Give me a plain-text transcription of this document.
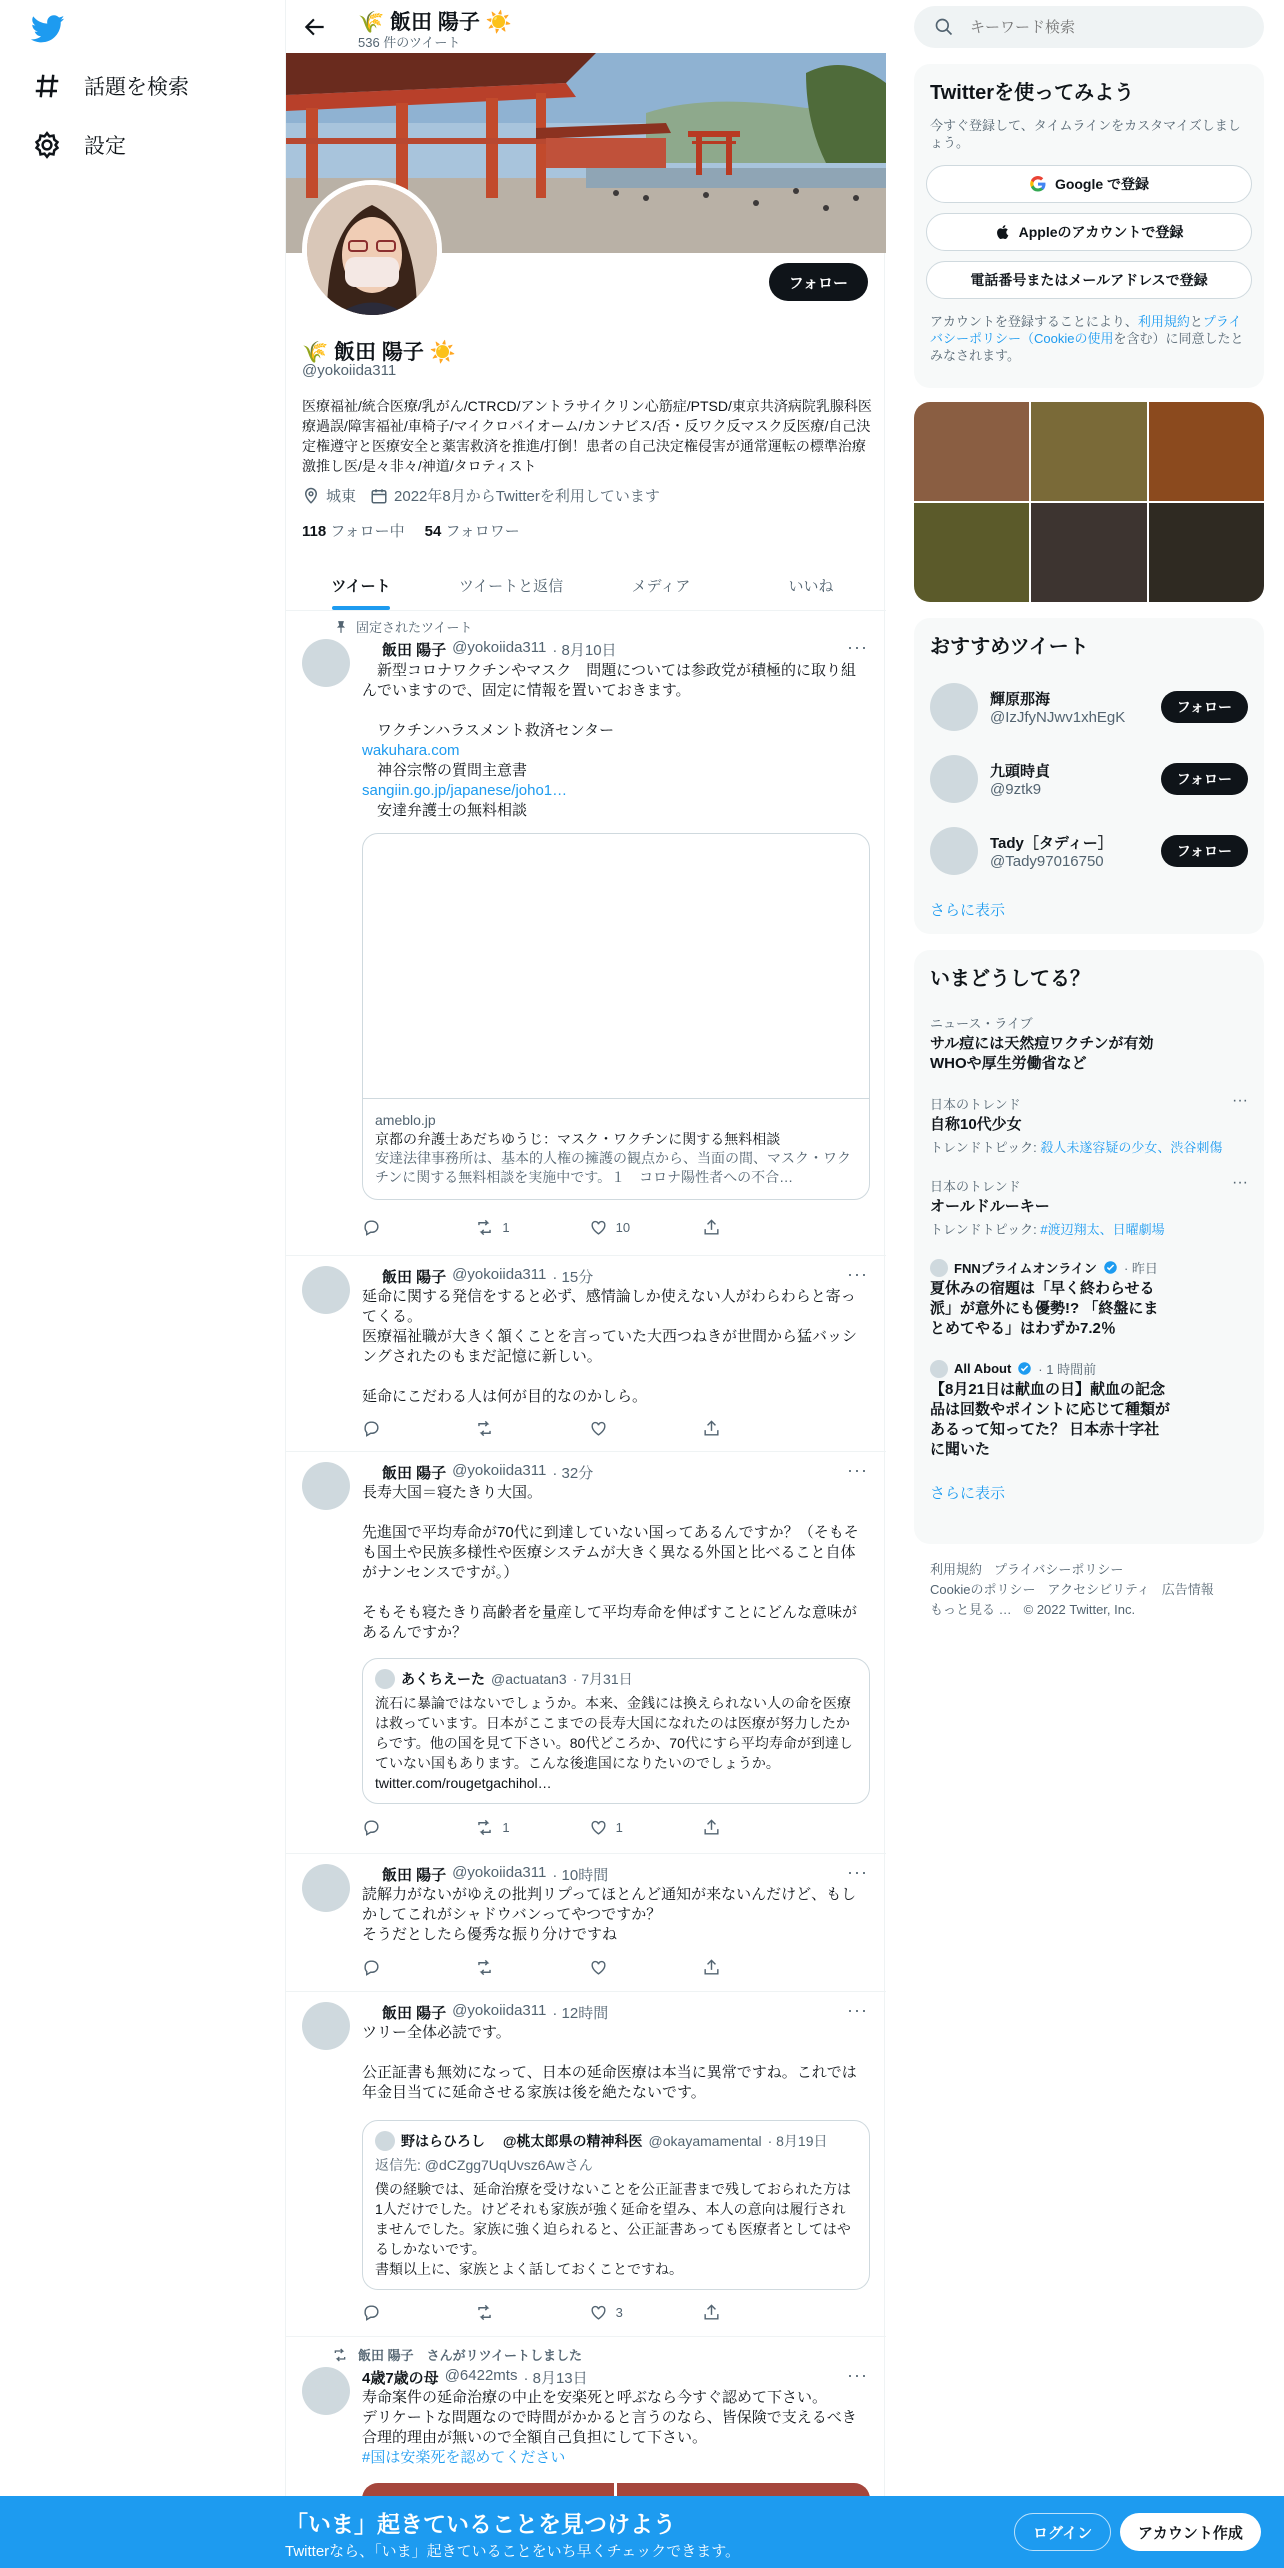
話題を検索
設定
🌾 飯田 陽子 ☀️
536 件のツイート
フォロー
🌾 飯田 陽子 ☀️
@yokoiida311
医療福祉/統合医療/乳がん/CTRCD/アントラサイクリン心筋症/PTSD/東京共済病院乳腺科医療過誤/障害福祉/車椅子/マイクロバイオーム/カンナビス/否・反ワク反マスク反医療/自己決定権遵守と医療安全と薬害救済を推進/打倒！患者の自己決定権侵害が通常運転の標準治療激推し医/是々非々/神道/タロティスト
城東	2022年8月からTwitterを利用しています
118 フォロー中 54 フォロワー
ツイート	ツイートと返信	メディア	いいね
固定されたツイート
飯田 陽子 @yokoiida311 · 8月10日	···
　新型コロナワクチンやマスク　問題については参政党が積極的に取り組んでいますので、固定に情報を置いておきます。

　ワクチンハラスメント救済センター
wakuhara.com
　神谷宗幣の質問主意書
sangiin.go.jp/japanese/joho1…
　安達弁護士の無料相談
ameblo.jp
京都の弁護士あだちゆうじ：マスク・ワクチンに関する無料相談
安達法律事務所は、基本的人権の擁護の観点から、当面の間、マスク・ワクチンに関する無料相談を実施中です。１　コロナ陽性者への不合…
1	10
飯田 陽子 @yokoiida311 · 15分	···
延命に関する発信をすると必ず、感情論しか使えない人がわらわらと寄ってくる。
医療福祉職が大きく頷くことを言っていた大西つねきが世間から猛バッシングされたのもまだ記憶に新しい。

延命にこだわる人は何が目的なのかしら。
飯田 陽子 @yokoiida311 · 32分	···
長寿大国＝寝たきり大国。

先進国で平均寿命が70代に到達していない国ってあるんですか？（そもそも国土や民族多様性や医療システムが大きく異なる外国と比べること自体がナンセンスですが。）

そもそも寝たきり高齢者を量産して平均寿命を伸ばすことにどんな意味があるんですか？
あくちえーた @actuatan3 · 7月31日
流石に暴論ではないでしょうか。本来、金銭には換えられない人の命を医療は救っています。日本がここまでの長寿大国になれたのは医療が努力したからです。他の国を見て下さい。80代どころか、70代にすら平均寿命が到達していない国もあります。こんな後進国になりたいのでしょうか。 twitter.com/rougetgachihol…
1	1
飯田 陽子 @yokoiida311 · 10時間	···
読解力がないがゆえの批判リプってほとんど通知が来ないんだけど、もしかしてこれがシャドウバンってやつですか？
そうだとしたら優秀な振り分けですね
飯田 陽子 @yokoiida311 · 12時間	···
ツリー全体必読です。

公正証書も無効になって、日本の延命医療は本当に異常ですね。これでは年金目当てに延命させる家族は後を絶たないです。
野はらひろし　 @桃太郎県の精神科医 @okayamamental · 8月19日
返信先: @dCZgg7UqUvsz6Awさん
僕の経験では、延命治療を受けないことを公正証書まで残しておられた方は1人だけでした。けどそれも家族が強く延命を望み、本人の意向は履行されませんでした。家族に強く迫られると、公正証書あっても医療者としてはやるしかないです。
書類以上に、家族とよく話しておくことですね。
3
飯田 陽子　さんがリツイートしました
4歳7歳の母 @6422mts · 8月13日	···
寿命案件の延命治療の中止を安楽死と呼ぶなら今すぐ認めて下さい。
デリケートな問題なので時間がかかると言うのなら、皆保険で支えるべき合理的理由が無いので全額自己負担にして下さい。
#国は安楽死を認めてください
キーワード検索
Twitterを使ってみよう
今すぐ登録して、タイムラインをカスタマイズしましょう。
Google で登録
Appleのアカウントで登録
電話番号またはメールアドレスで登録
アカウントを登録することにより、利用規約とプライバシーポリシー（Cookieの使用を含む）に同意したとみなされます。
おすすめツイート
輝原那海
@IzJfyNJwv1xhEgK
フォロー
九頭時貞
@9ztk9
フォロー
Tady［タディー］
@Tady97016750
フォロー
さらに表示
いまどうしてる？
ニュース・ライブ
サル痘には天然痘ワクチンが有効　WHOや厚生労働省など
···
日本のトレンド
自称10代少女
トレンドトピック: 殺人未遂容疑の少女、渋谷刺傷
···
日本のトレンド
オールドルーキー
トレンドトピック: #渡辺翔太、日曜劇場
FNNプライムオンライン · 昨日
夏休みの宿題は「早く終わらせる派」が意外にも優勢!? 「終盤にまとめてやる」はわずか7.2％
All About · 1 時間前
【8月21日は献血の日】献血の記念品は回数やポイントに応じて種類があるって知ってた？ 日本赤十字社に聞いた
さらに表示
利用規約 プライバシーポリシー
Cookieのポリシー アクセシビリティ 広告情報
もっと見る … © 2022 Twitter, Inc.
「いま」起きていることを見つけよう
Twitterなら、「いま」起きていることをいち早くチェックできます。
ログイン	アカウント作成
